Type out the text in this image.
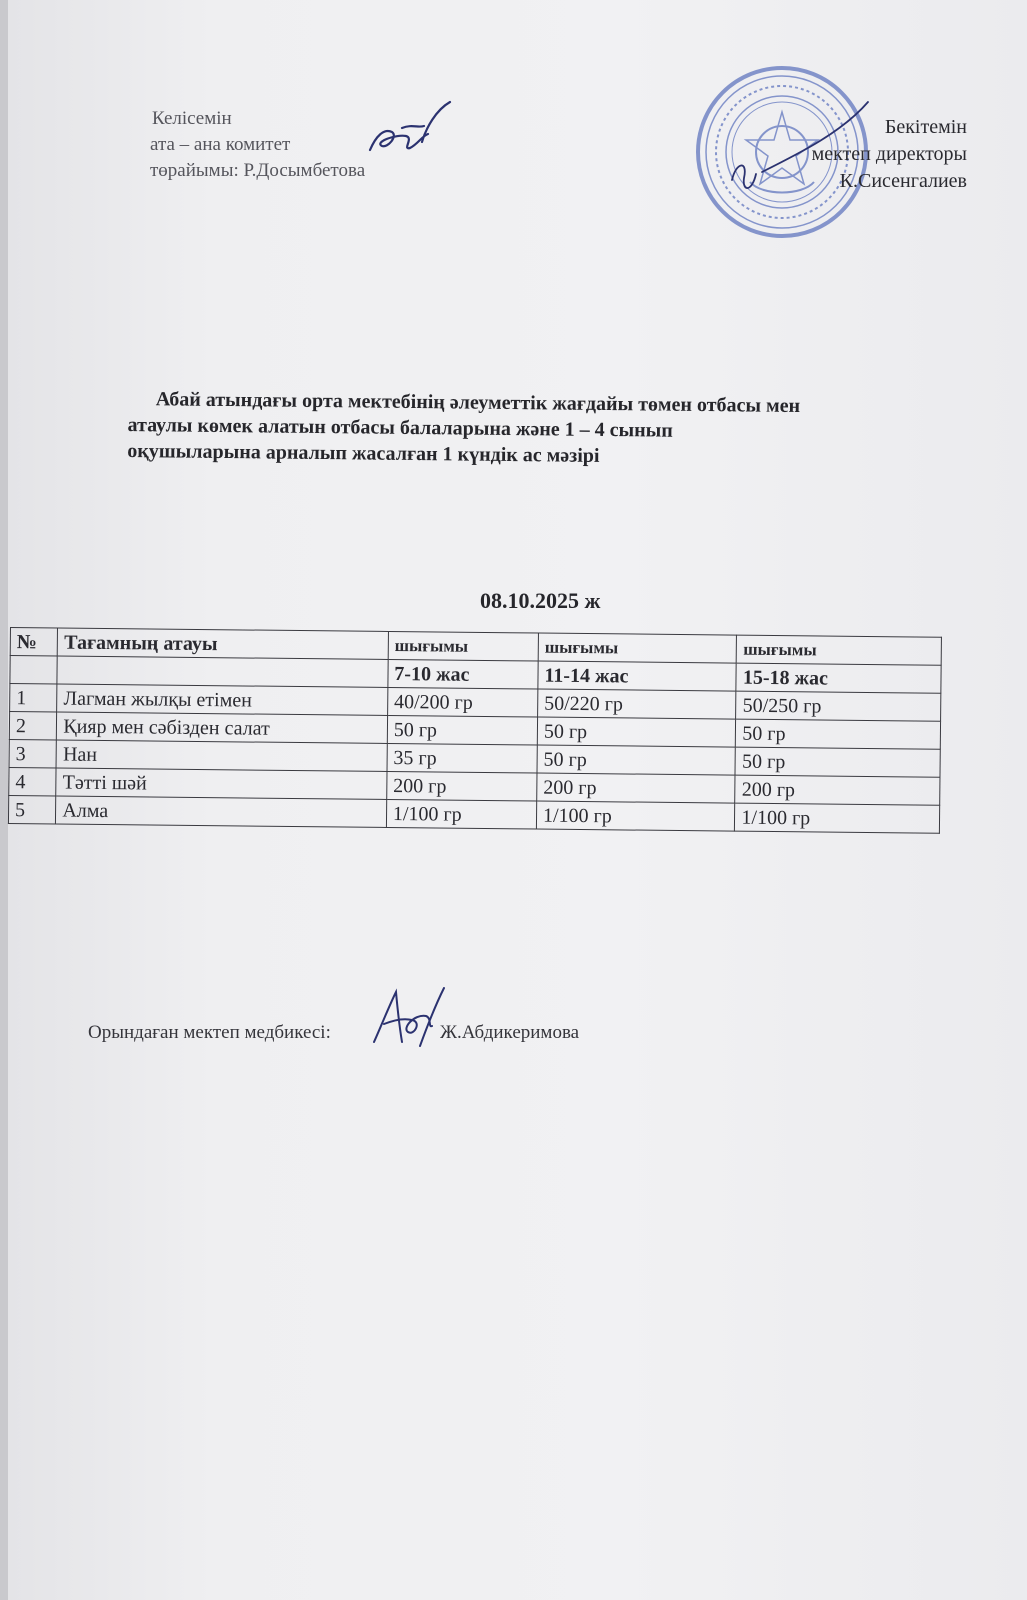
Келісемін
ата – ана комитет
төрайымы: Р.Досымбетова
Бекітемін
мектеп директоры
К.Сисенгалиев
Абай атындағы орта мектебінің әлеуметтік жағдайы төмен отбасы мен
атаулы көмек алатын отбасы балаларына және 1 – 4 сынып
оқушыларына арналып жасалған 1 күндік ас мәзірі
08.10.2025 ж
№	Тағамның атауы	шығымы	шығымы	шығымы
		7-10 жас	11-14 жас	15-18 жас
1	Лагман жылқы етімен	40/200 гр	50/220 гр	50/250 гр
2	Қияр мен сәбізден салат	50 гр	50 гр	50 гр
3	Нан	35 гр	50 гр	50 гр
4	Тәтті шәй	200 гр	200 гр	200 гр
5	Алма	1/100 гр	1/100 гр	1/100 гр
Орындаған мектеп медбикесі:	Ж.Абдикеримова
